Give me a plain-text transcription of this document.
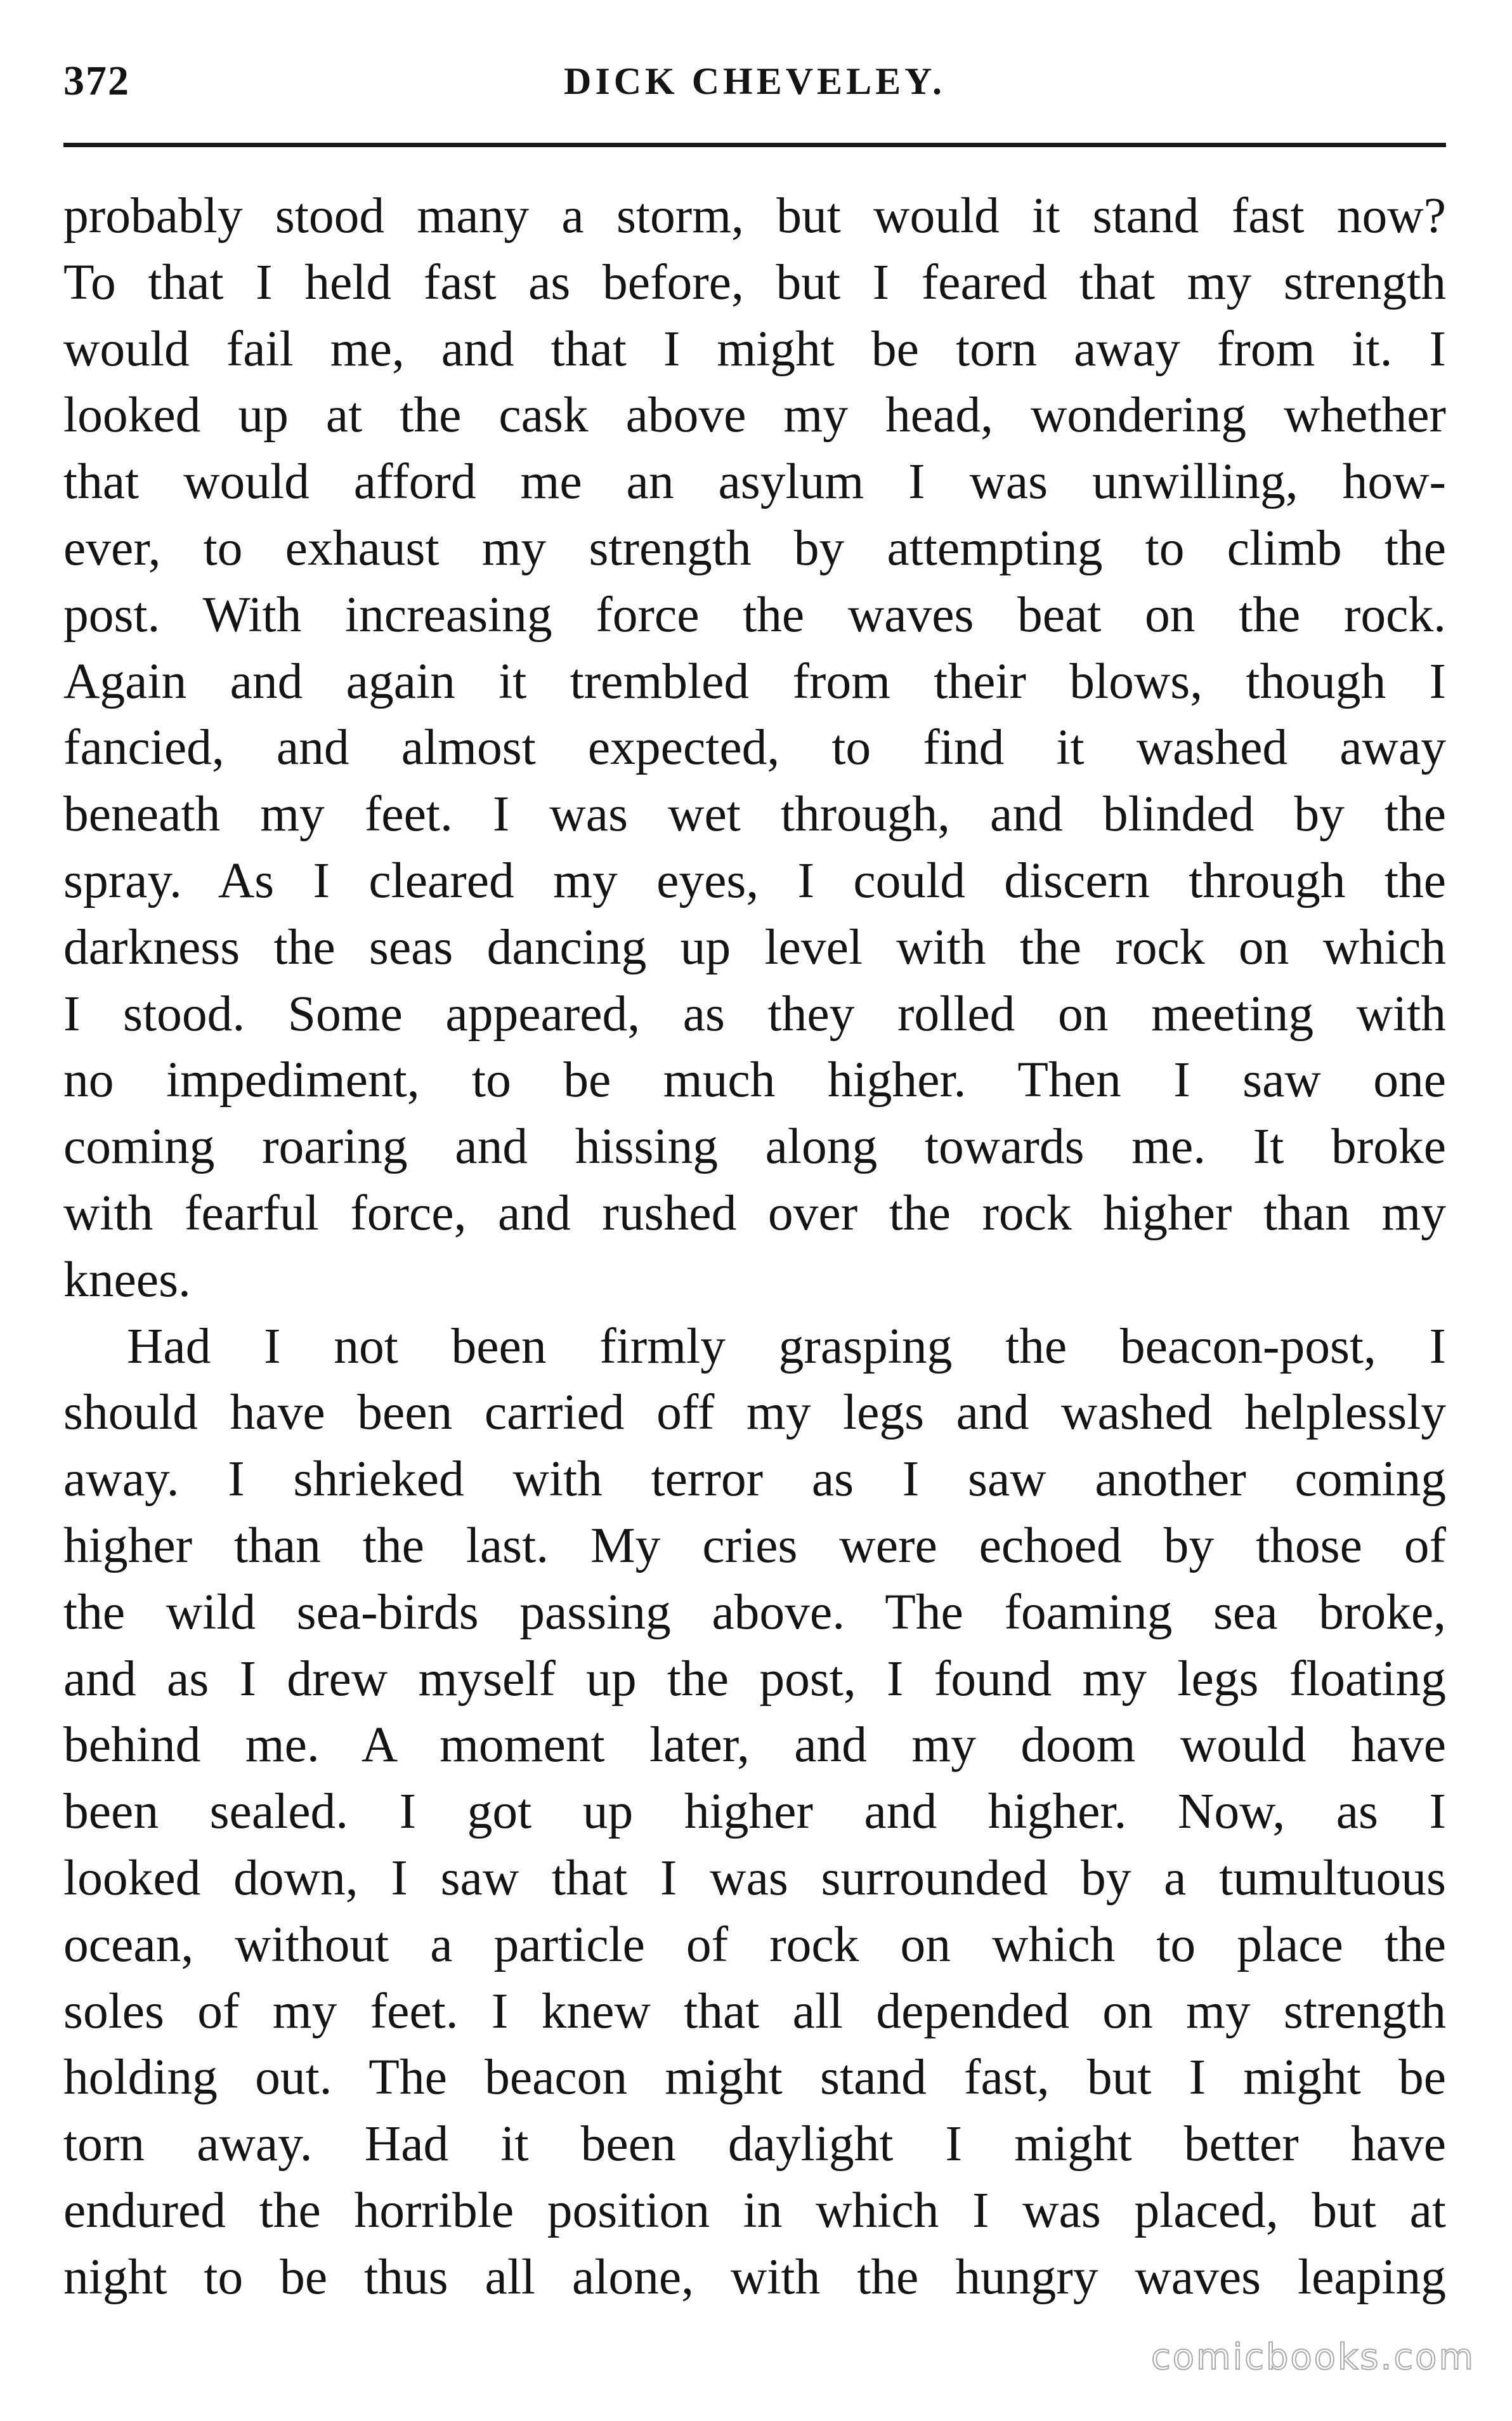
372	DICK CHEVELEY.
probably stood many a storm, but would it stand fast now?
To that I held fast as before, but I feared that my strength
would fail me, and that I might be torn away from it. I
looked up at the cask above my head, wondering whether
that would afford me an asylum I was unwilling, how-
ever, to exhaust my strength by attempting to climb the
post. With increasing force the waves beat on the rock.
Again and again it trembled from their blows, though I
fancied, and almost expected, to find it washed away
beneath my feet. I was wet through, and blinded by the
spray. As I cleared my eyes, I could discern through the
darkness the seas dancing up level with the rock on which
I stood. Some appeared, as they rolled on meeting with
no impediment, to be much higher. Then I saw one
coming roaring and hissing along towards me. It broke
with fearful force, and rushed over the rock higher than my
knees.
Had I not been firmly grasping the beacon-post, I
should have been carried off my legs and washed helplessly
away. I shrieked with terror as I saw another coming
higher than the last. My cries were echoed by those of
the wild sea-birds passing above. The foaming sea broke,
and as I drew myself up the post, I found my legs floating
behind me. A moment later, and my doom would have
been sealed. I got up higher and higher. Now, as I
looked down, I saw that I was surrounded by a tumultuous
ocean, without a particle of rock on which to place the
soles of my feet. I knew that all depended on my strength
holding out. The beacon might stand fast, but I might be
torn away. Had it been daylight I might better have
endured the horrible position in which I was placed, but at
night to be thus all alone, with the hungry waves leaping
comicbooks.com
